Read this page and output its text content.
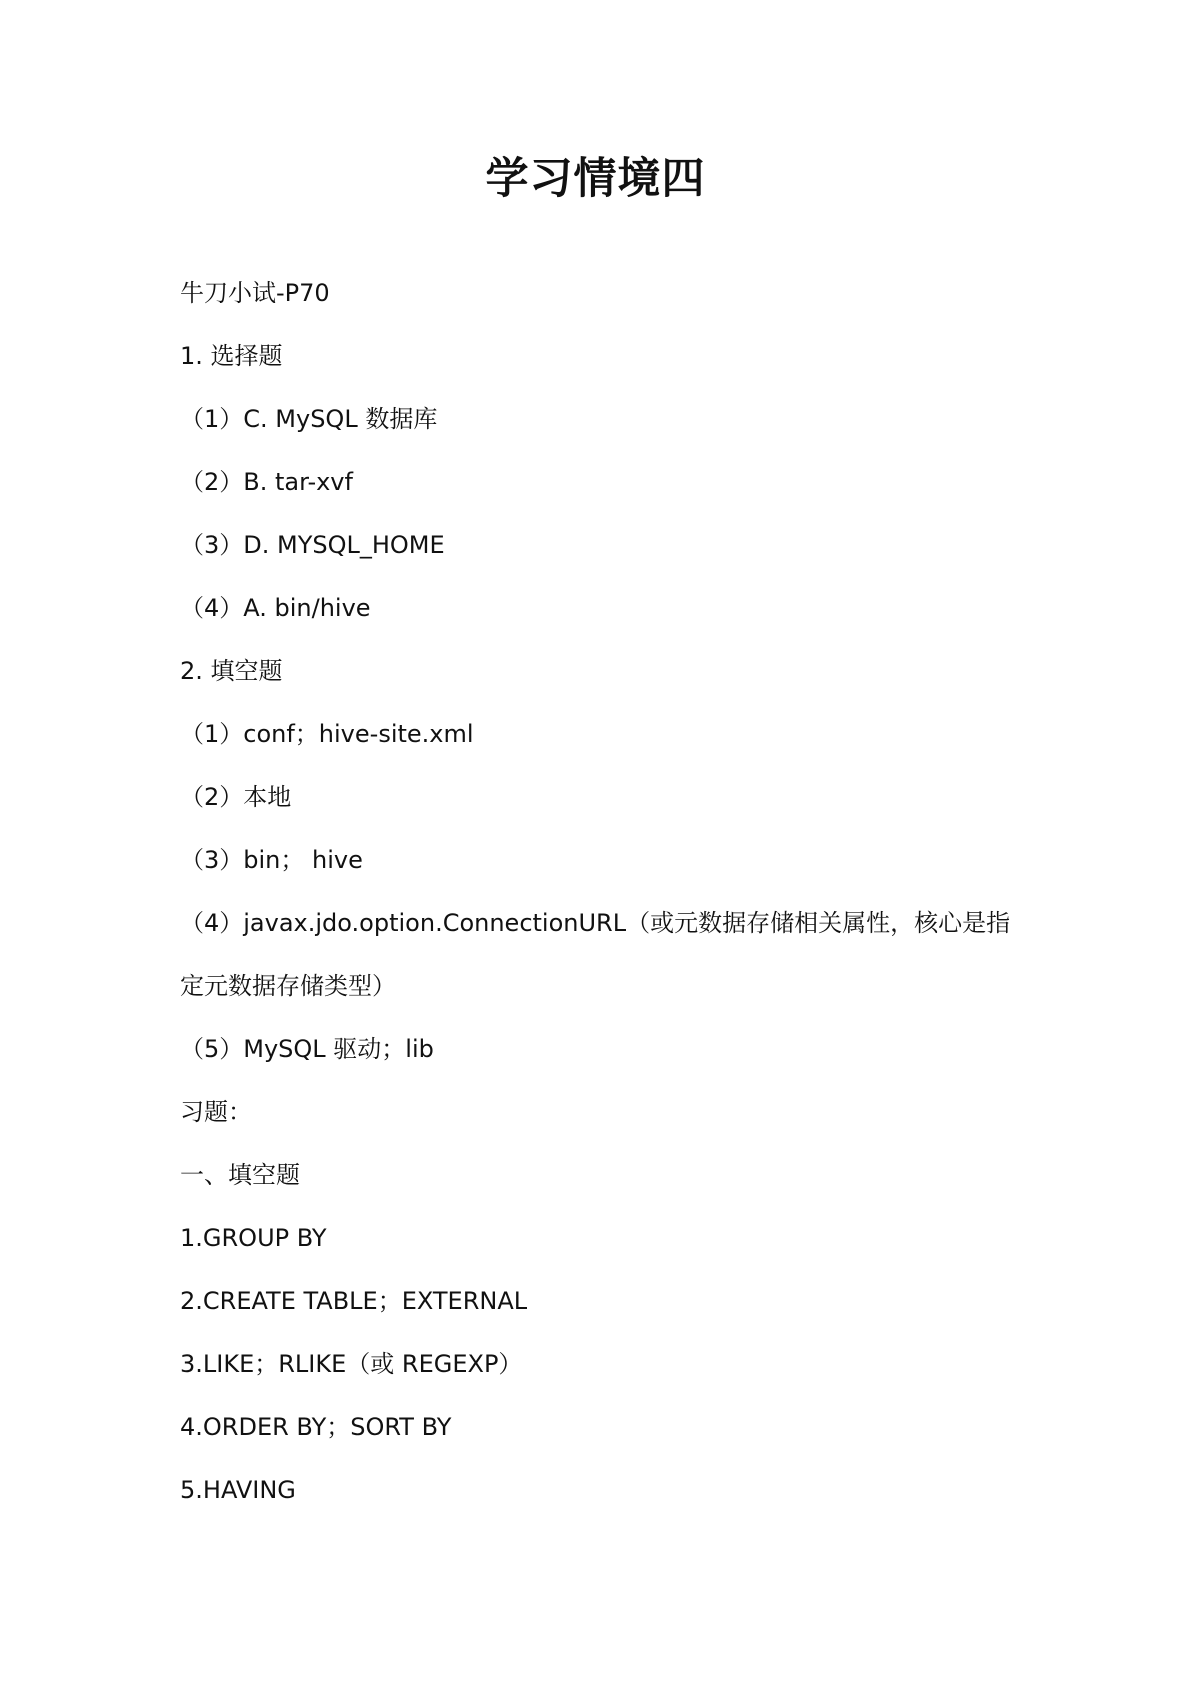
学习情境四
牛刀小试-P70
1. 选择题
（1）C. MySQL 数据库
（2）B. tar-xvf
（3）D. MYSQL_HOME
（4）A. bin/hive
2. 填空题
（1）conf；hive-site.xml
（2）本地
（3）bin； hive
（4）javax.jdo.option.ConnectionURL（或元数据存储相关属性，核心是指定元数据存储类型）
（5）MySQL 驱动；lib
习题：
一、填空题
1.GROUP BY
2.CREATE TABLE；EXTERNAL
3.LIKE；RLIKE（或 REGEXP）
4.ORDER BY；SORT BY
5.HAVING
